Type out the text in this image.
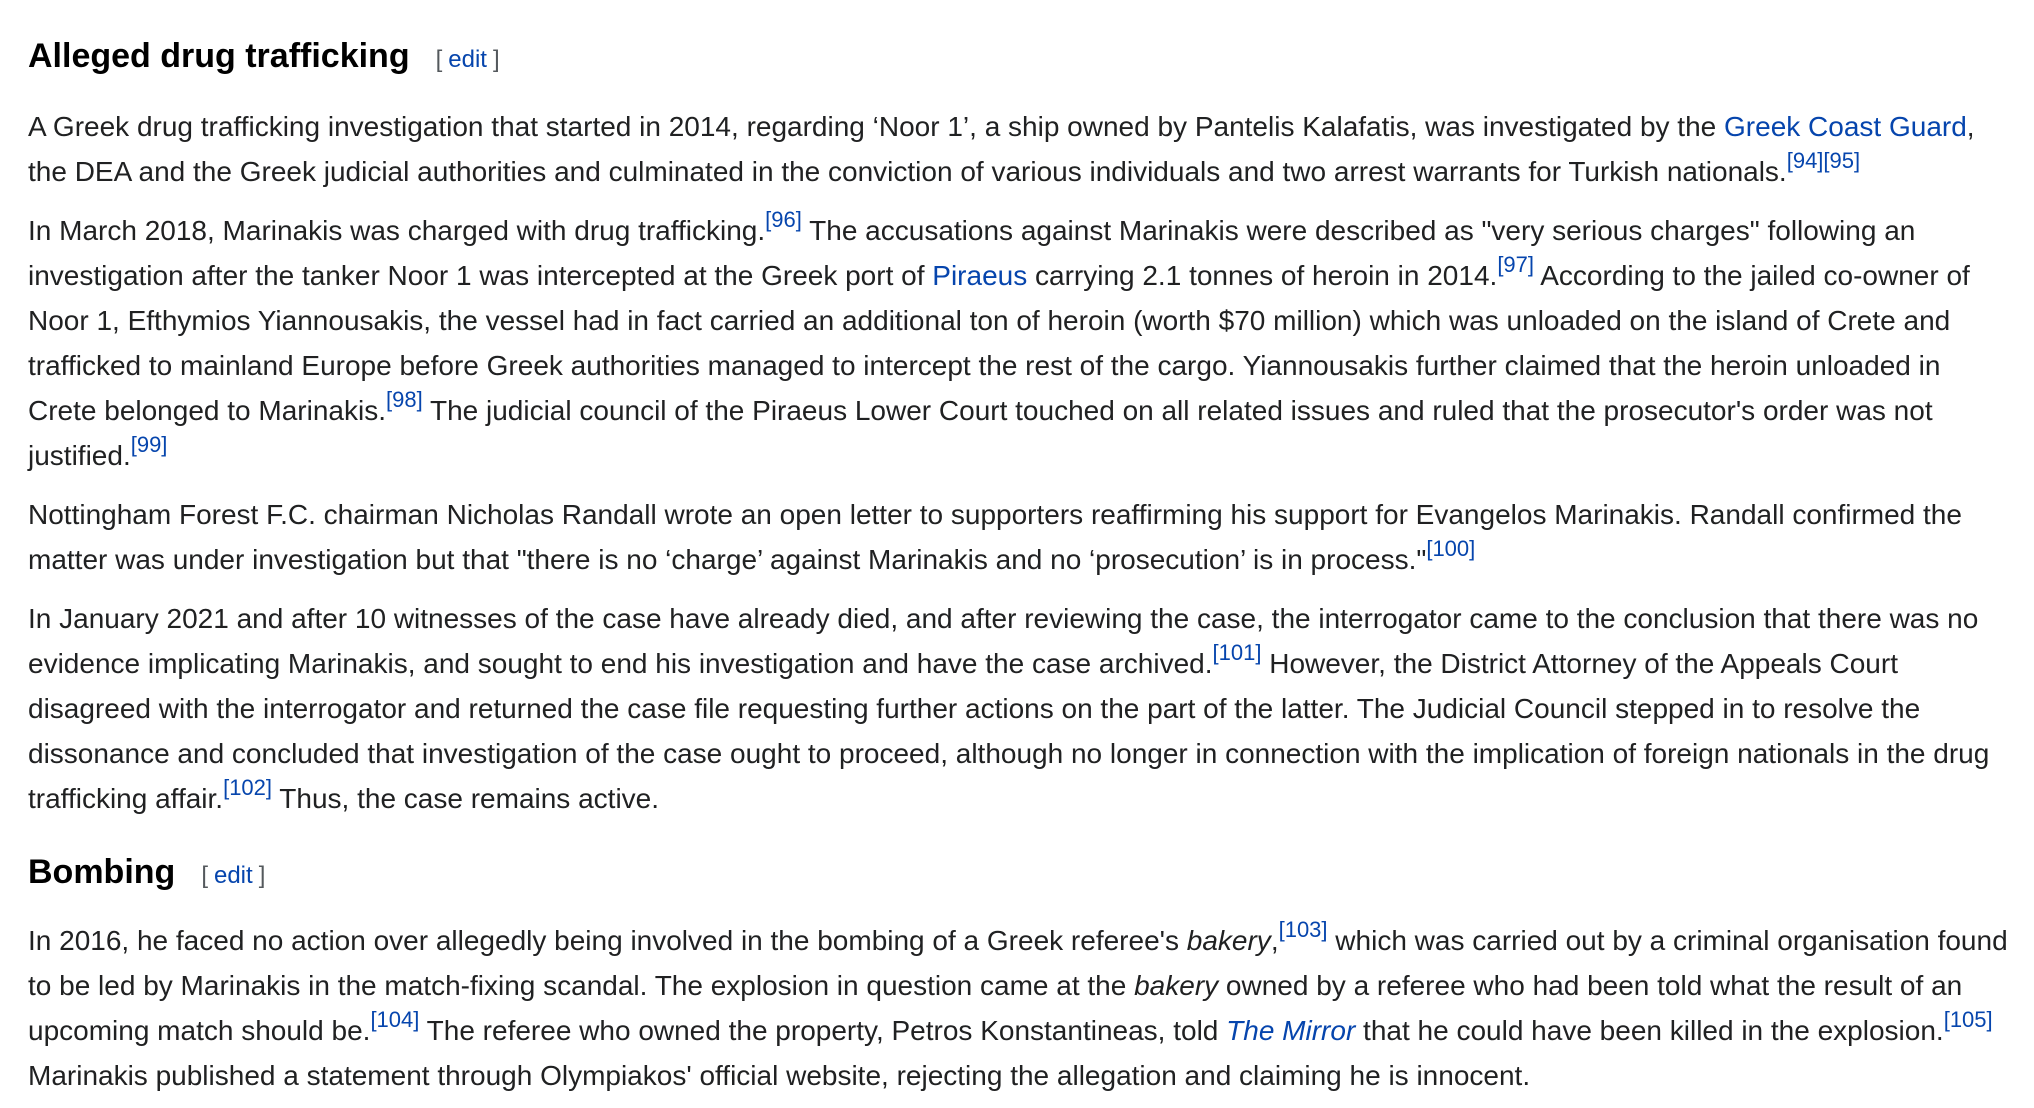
Alleged drug trafficking [ edit ]

A Greek drug trafficking investigation that started in 2014, regarding ‘Noor 1’, a ship owned by Pantelis Kalafatis, was investigated by the Greek Coast Guard, the DEA and the Greek judicial authorities and culminated in the conviction of various individuals and two arrest warrants for Turkish nationals.[94][95]

In March 2018, Marinakis was charged with drug trafficking.[96] The accusations against Marinakis were described as "very serious charges" following an investigation after the tanker Noor 1 was intercepted at the Greek port of Piraeus carrying 2.1 tonnes of heroin in 2014.[97] According to the jailed co-owner of Noor 1, Efthymios Yiannousakis, the vessel had in fact carried an additional ton of heroin (worth $70 million) which was unloaded on the island of Crete and trafficked to mainland Europe before Greek authorities managed to intercept the rest of the cargo. Yiannousakis further claimed that the heroin unloaded in Crete belonged to Marinakis.[98] The judicial council of the Piraeus Lower Court touched on all related issues and ruled that the prosecutor's order was not justified.[99]

Nottingham Forest F.C. chairman Nicholas Randall wrote an open letter to supporters reaffirming his support for Evangelos Marinakis. Randall confirmed the matter was under investigation but that "there is no ‘charge’ against Marinakis and no ‘prosecution’ is in process."[100]

In January 2021 and after 10 witnesses of the case have already died, and after reviewing the case, the interrogator came to the conclusion that there was no evidence implicating Marinakis, and sought to end his investigation and have the case archived.[101] However, the District Attorney of the Appeals Court disagreed with the interrogator and returned the case file requesting further actions on the part of the latter. The Judicial Council stepped in to resolve the dissonance and concluded that investigation of the case ought to proceed, although no longer in connection with the implication of foreign nationals in the drug trafficking affair.[102] Thus, the case remains active.

Bombing [ edit ]

In 2016, he faced no action over allegedly being involved in the bombing of a Greek referee's bakery,[103] which was carried out by a criminal organisation found to be led by Marinakis in the match-fixing scandal. The explosion in question came at the bakery owned by a referee who had been told what the result of an upcoming match should be.[104] The referee who owned the property, Petros Konstantineas, told The Mirror that he could have been killed in the explosion.[105] Marinakis published a statement through Olympiakos' official website, rejecting the allegation and claiming he is innocent.
